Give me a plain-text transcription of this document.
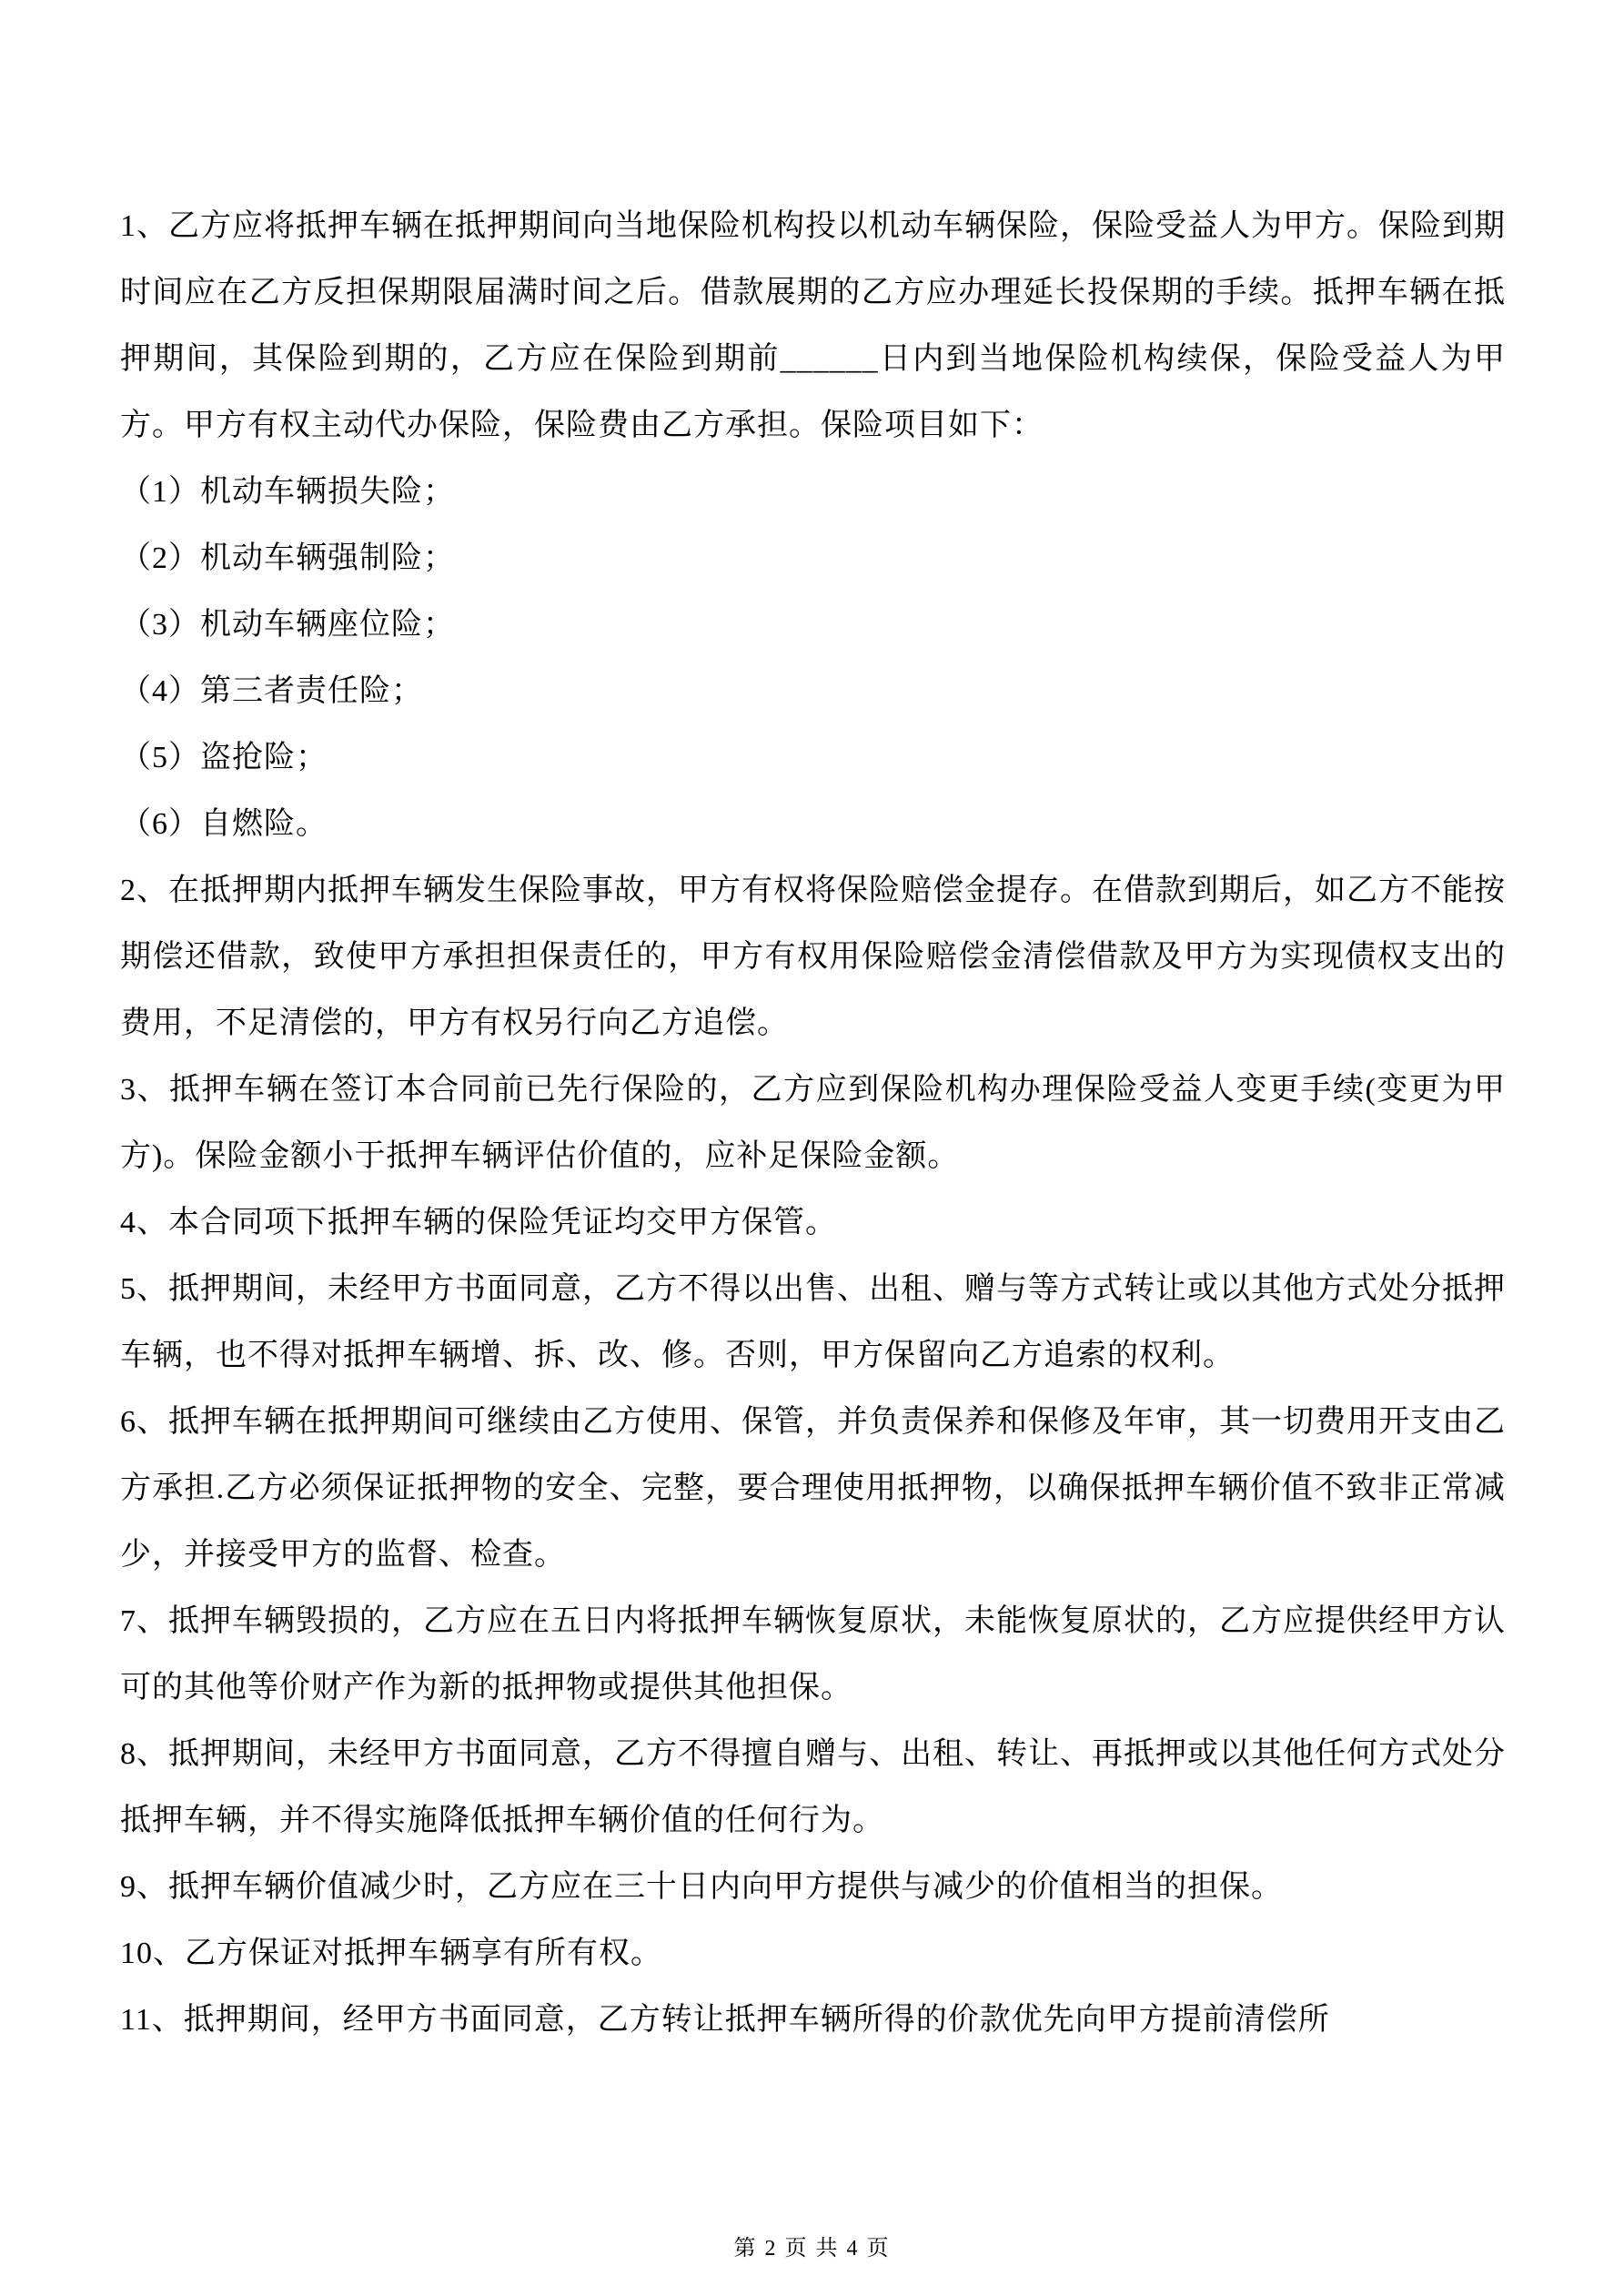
1、乙方应将抵押车辆在抵押期间向当地保险机构投以机动车辆保险，保险受益人为甲方。保险到期时间应在乙方反担保期限届满时间之后。借款展期的乙方应办理延长投保期的手续。抵押车辆在抵押期间，其保险到期的，乙方应在保险到期前______日内到当地保险机构续保，保险受益人为甲方。甲方有权主动代办保险，保险费由乙方承担。保险项目如下：

（1）机动车辆损失险；

（2）机动车辆强制险；

（3）机动车辆座位险；

（4）第三者责任险；

（5）盗抢险；

（6）自燃险。

2、在抵押期内抵押车辆发生保险事故，甲方有权将保险赔偿金提存。在借款到期后，如乙方不能按期偿还借款，致使甲方承担担保责任的，甲方有权用保险赔偿金清偿借款及甲方为实现债权支出的费用，不足清偿的，甲方有权另行向乙方追偿。

3、抵押车辆在签订本合同前已先行保险的，乙方应到保险机构办理保险受益人变更手续(变更为甲方)。保险金额小于抵押车辆评估价值的，应补足保险金额。

4、本合同项下抵押车辆的保险凭证均交甲方保管。

5、抵押期间，未经甲方书面同意，乙方不得以出售、出租、赠与等方式转让或以其他方式处分抵押车辆，也不得对抵押车辆增、拆、改、修。否则，甲方保留向乙方追索的权利。

6、抵押车辆在抵押期间可继续由乙方使用、保管，并负责保养和保修及年审，其一切费用开支由乙方承担.乙方必须保证抵押物的安全、完整，要合理使用抵押物，以确保抵押车辆价值不致非正常减少，并接受甲方的监督、检查。

7、抵押车辆毁损的，乙方应在五日内将抵押车辆恢复原状，未能恢复原状的，乙方应提供经甲方认可的其他等价财产作为新的抵押物或提供其他担保。

8、抵押期间，未经甲方书面同意，乙方不得擅自赠与、出租、转让、再抵押或以其他任何方式处分抵押车辆，并不得实施降低抵押车辆价值的任何行为。

9、抵押车辆价值减少时，乙方应在三十日内向甲方提供与减少的价值相当的担保。

10、乙方保证对抵押车辆享有所有权。

11、抵押期间，经甲方书面同意，乙方转让抵押车辆所得的价款优先向甲方提前清偿所

第 2 页 共 4 页
